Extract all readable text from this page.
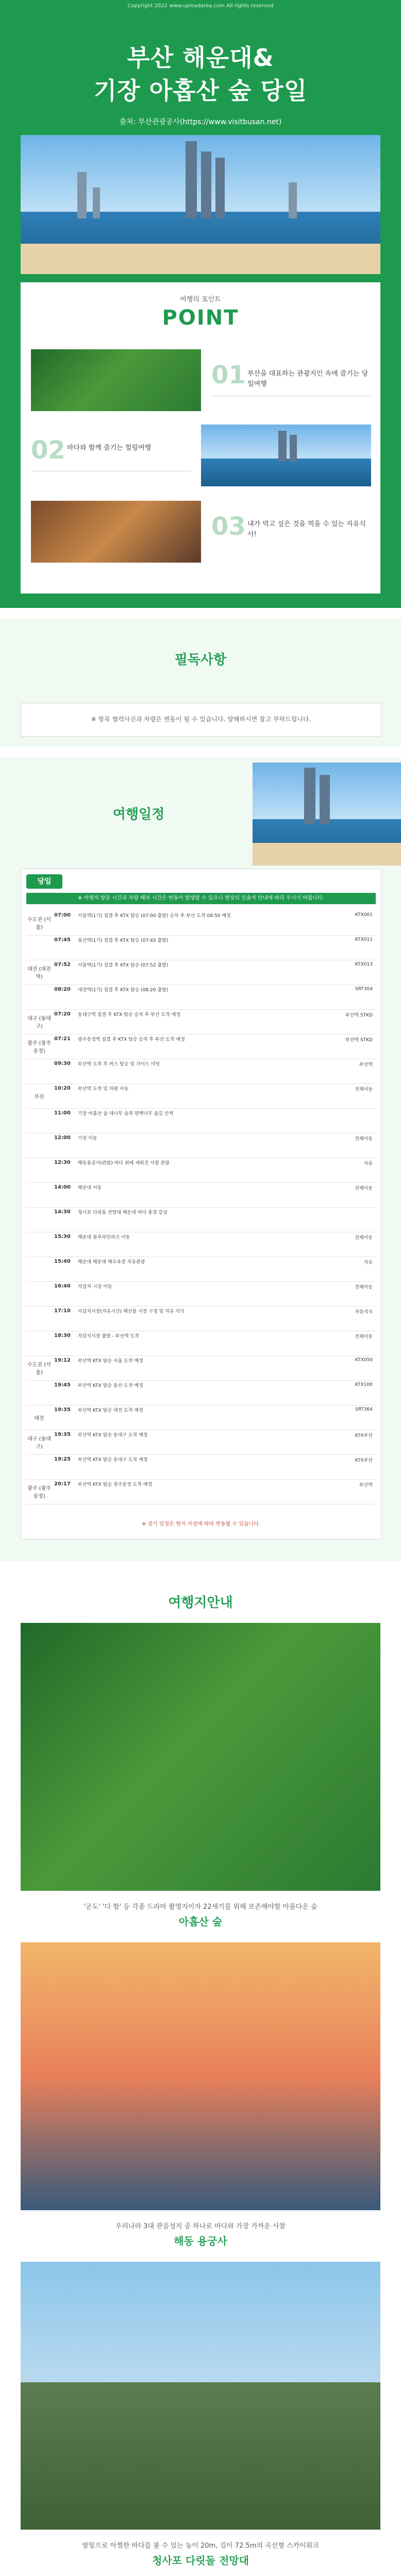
Copyright 2022 www.uploadarea.com All rights reserved
부산 해운대&
기장 아홉산 숲 당일
출처: 부산관광공사(https://www.visitbusan.net)
여행의 포인트
POINT
01 부산을 대표하는 관광지인 속에 즐기는 당일여행
02 바다와 함께 즐기는 힐링여행
03 내가 먹고 싶은 것을 먹을 수 있는 자유식사!
필독사항
※ 항목 협력사진과 차량은 변동이 될 수 있습니다. 양해하시면 참고 부탁드립니다.
여행일정
당일
※ 여행지 방문 시간과 차량 배차 시간은 변동이 발생할 수 있으니 현장의 인솔자 안내에 따라 주시기 바랍니다.
수도권 (서울)
07:00	서울역(1기) 집결 후 KTX 탑승 (07:00 출발) 승차 후 부산 도착 08:50 예정	KTX001
07:45	용산역(1기) 집결 후 KTX 탑승 (07:45 출발)	KTX011
대전 (대전역)
07:52	서울역(1기) 집결 후 KTX 탑승 (07:52 출발)	KTX013
08:20	대전역(1기) 집결 후 KTX 탑승 (08:20 출발)	SRT304
대구 (동대구)
07:20	동대구역 집결 후 KTX 탑승 승차 후 부산 도착 예정	부산역 STKD
광주 (광주송정)
07:21	광주송정역 집결 후 KTX 탑승 승차 후 부산 도착 예정	부산역 STKD
09:30	부산역 도착 후 버스 탑승 및 가이드 미팅	부산역
부산
10:20	부산역 도착 및 차량 이동	전체이동
11:00	기장 아홉산 숲 대나무 숲과 편백나무 숲길 산책
12:00	기장 이동	전체이동
12:30	해동용궁사(관람) 바다 위에 세워진 사찰 관람	자유
14:00	해운대 이동	전체이동
14:30	청사포 다릿돌 전망대 해운대 바다 풍경 감상
15:30	해운대 블루라인파크 이동	전체이동
15:40	해운대 해운대 해수욕장 자유관광	자유
16:40	자갈치 시장 이동	전체이동
17:10	자갈치시장(자유시간) 해산물 시장 구경 및 자유 석식	자유석식
18:30	자갈치시장 출발 - 부산역 도착	전체이동
수도권 (서울)
19:12	부산역 KTX 탑승 서울 도착 예정	KTX050
19:45	부산역 KTX 탑승 용산 도착 예정	KTX100
대전
19:35	부산역 KTX 탑승 대전 도착 예정	SRT364
대구 (동대구)
19:35	부산역 KTX 탑승 동대구 도착 예정	KTX부산
19:25	부산역 KTX 탑승 동대구 도착 예정	KTX부산
광주 (광주송정)
20:17	부산역 KTX 탑승 광주송정 도착 예정	부산역
※ 상기 일정은 현지 사정에 따라 변동될 수 있습니다.
여행지안내
'군도' '다 함' 등 각종 드라마 촬영지이자 22세기를 위해 보존해야할 아름다운 숲
아홉산 숲
우리나라 3대 관음성지 중 하나로 바다와 가장 가까운 사찰
해동 용궁사
발밑으로 아찔한 바다를 볼 수 있는 높이 20m, 길이 72.5m의 곡선형 스카이워크
청사포 다릿돌 전망대
